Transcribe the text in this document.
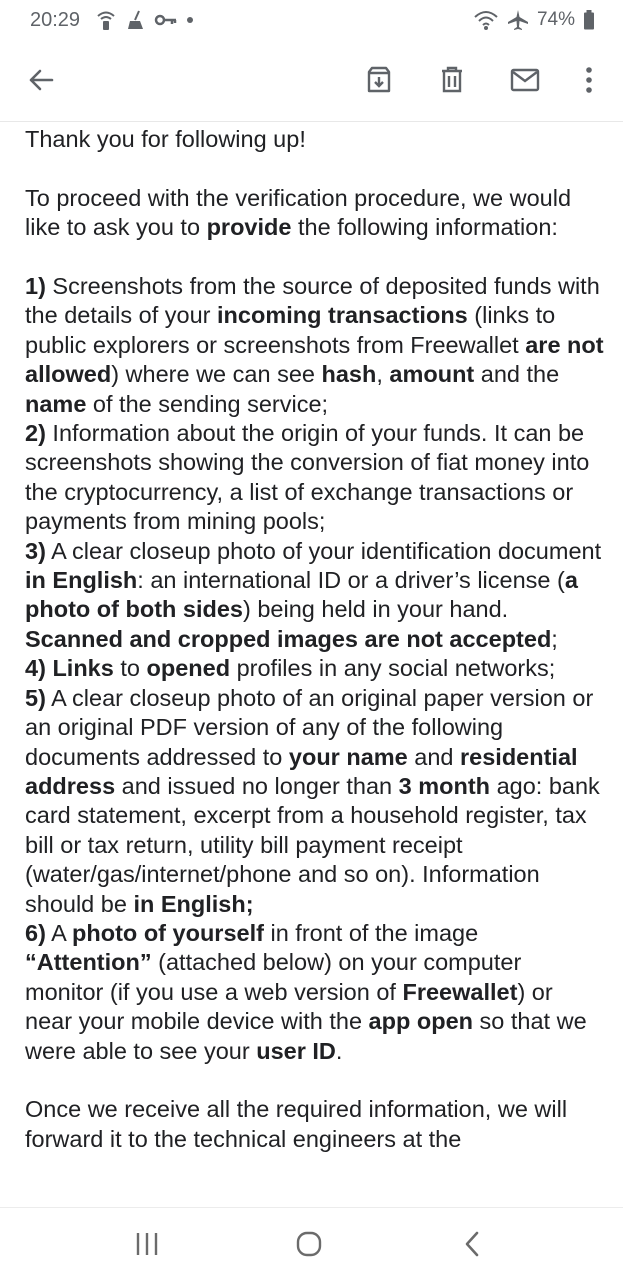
20:29	74%

Thank you for following up!

To proceed with the verification procedure, we would like to ask you to provide the following information:

1) Screenshots from the source of deposited funds with the details of your incoming transactions (links to public explorers or screenshots from Freewallet are not allowed) where we can see hash, amount and the name of the sending service;
2) Information about the origin of your funds. It can be screenshots showing the conversion of fiat money into the cryptocurrency, a list of exchange transactions or payments from mining pools;
3) A clear closeup photo of your identification document in English: an international ID or a driver’s license (a photo of both sides) being held in your hand. Scanned and cropped images are not accepted;
4) Links to opened profiles in any social networks;
5) A clear closeup photo of an original paper version or an original PDF version of any of the following documents addressed to your name and residential address and issued no longer than 3 month ago: bank card statement, excerpt from a household register, tax bill or tax return, utility bill payment receipt (water/gas/internet/phone and so on). Information should be in English;
6) A photo of yourself in front of the image “Attention” (attached below) on your computer monitor (if you use a web version of Freewallet) or near your mobile device with the app open so that we were able to see your user ID.

Once we receive all the required information, we will forward it to the technical engineers at the
